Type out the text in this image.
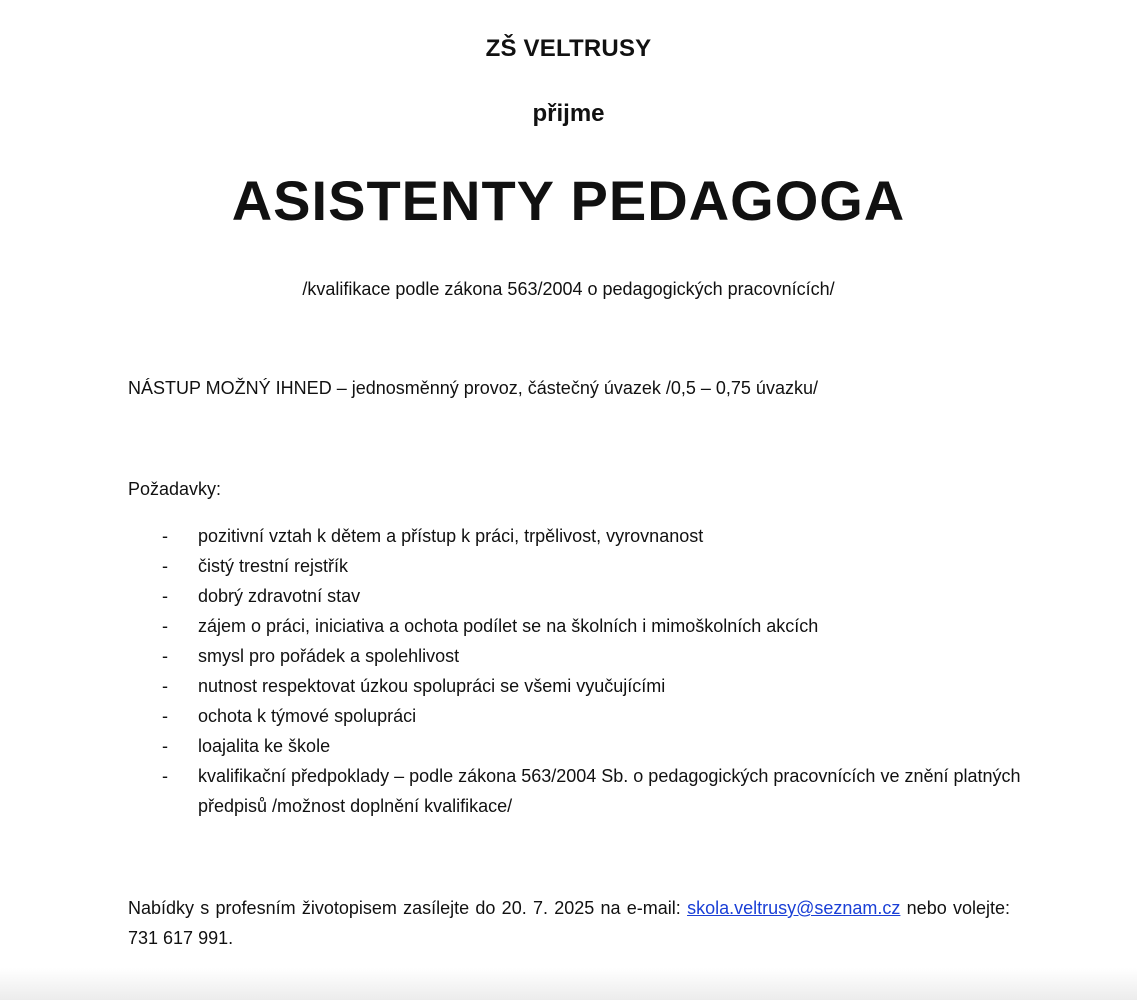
ZŠ VELTRUSY
přijme
ASISTENTY PEDAGOGA
/kvalifikace podle zákona 563/2004 o pedagogických pracovnících/
NÁSTUP MOŽNÝ IHNED – jednosměnný provoz, částečný úvazek /0,5 – 0,75 úvazku/
Požadavky:
- pozitivní vztah k dětem a přístup k práci, trpělivost, vyrovnanost
- čistý trestní rejstřík
- dobrý zdravotní stav
- zájem o práci, iniciativa a ochota podílet se na školních i mimoškolních akcích
- smysl pro pořádek a spolehlivost
- nutnost respektovat úzkou spolupráci se všemi vyučujícími
- ochota k týmové spolupráci
- loajalita ke škole
- kvalifikační předpoklady – podle zákona 563/2004 Sb. o pedagogických pracovnících ve znění platných předpisů /možnost doplnění kvalifikace/
Nabídky s profesním životopisem zasílejte do 20. 7. 2025 na e-mail: skola.veltrusy@seznam.cz nebo volejte: 731 617 991.
